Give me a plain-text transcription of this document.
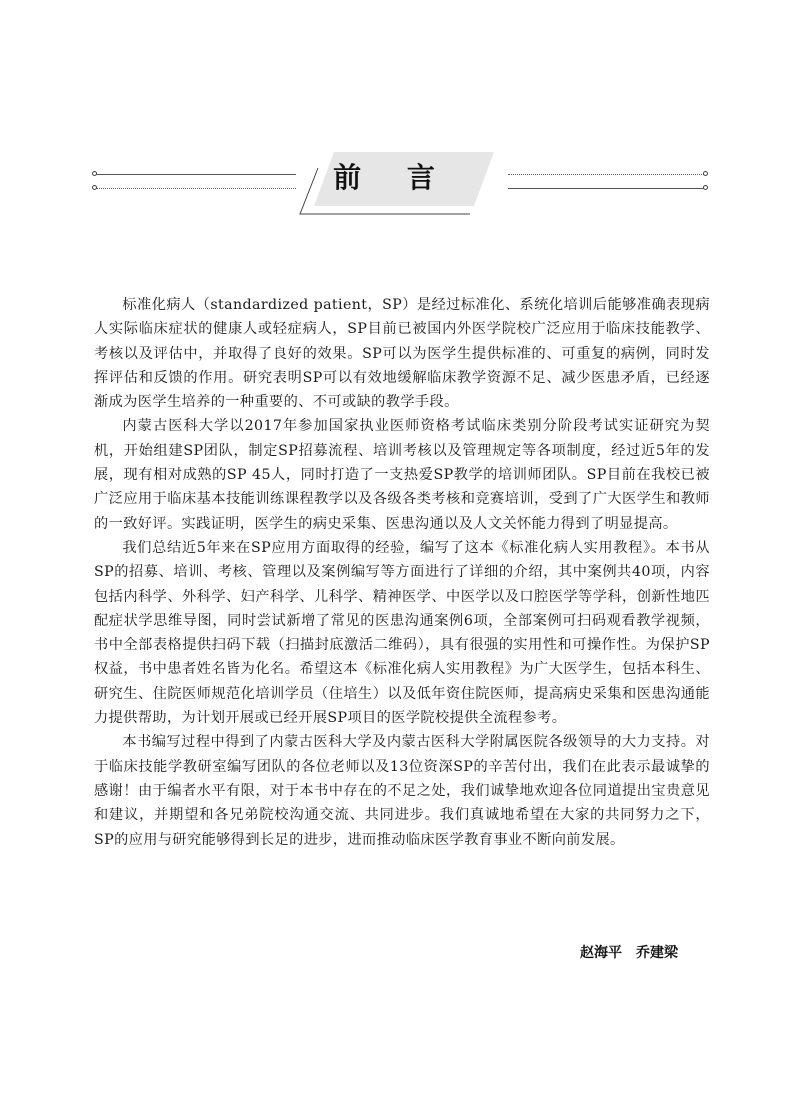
前 言

标准化病人（standardized patient，SP）是经过标准化、系统化培训后能够准确表现病人实际临床症状的健康人或轻症病人，SP目前已被国内外医学院校广泛应用于临床技能教学、考核以及评估中，并取得了良好的效果。SP可以为医学生提供标准的、可重复的病例，同时发挥评估和反馈的作用。研究表明SP可以有效地缓解临床教学资源不足、减少医患矛盾，已经逐渐成为医学生培养的一种重要的、不可或缺的教学手段。

内蒙古医科大学以2017年参加国家执业医师资格考试临床类别分阶段考试实证研究为契机，开始组建SP团队，制定SP招募流程、培训考核以及管理规定等各项制度，经过近5年的发展，现有相对成熟的SP 45人，同时打造了一支热爱SP教学的培训师团队。SP目前在我校已被广泛应用于临床基本技能训练课程教学以及各级各类考核和竞赛培训，受到了广大医学生和教师的一致好评。实践证明，医学生的病史采集、医患沟通以及人文关怀能力得到了明显提高。

我们总结近5年来在SP应用方面取得的经验，编写了这本《标准化病人实用教程》。本书从SP的招募、培训、考核、管理以及案例编写等方面进行了详细的介绍，其中案例共40项，内容包括内科学、外科学、妇产科学、儿科学、精神医学、中医学以及口腔医学等学科，创新性地匹配症状学思维导图，同时尝试新增了常见的医患沟通案例6项，全部案例可扫码观看教学视频，书中全部表格提供扫码下载（扫描封底激活二维码），具有很强的实用性和可操作性。为保护SP权益，书中患者姓名皆为化名。希望这本《标准化病人实用教程》为广大医学生，包括本科生、研究生、住院医师规范化培训学员（住培生）以及低年资住院医师，提高病史采集和医患沟通能力提供帮助，为计划开展或已经开展SP项目的医学院校提供全流程参考。

本书编写过程中得到了内蒙古医科大学及内蒙古医科大学附属医院各级领导的大力支持。对于临床技能学教研室编写团队的各位老师以及13位资深SP的辛苦付出，我们在此表示最诚挚的感谢！由于编者水平有限，对于本书中存在的不足之处，我们诚挚地欢迎各位同道提出宝贵意见和建议，并期望和各兄弟院校沟通交流、共同进步。我们真诚地希望在大家的共同努力之下，SP的应用与研究能够得到长足的进步，进而推动临床医学教育事业不断向前发展。

赵海平　乔建梁
